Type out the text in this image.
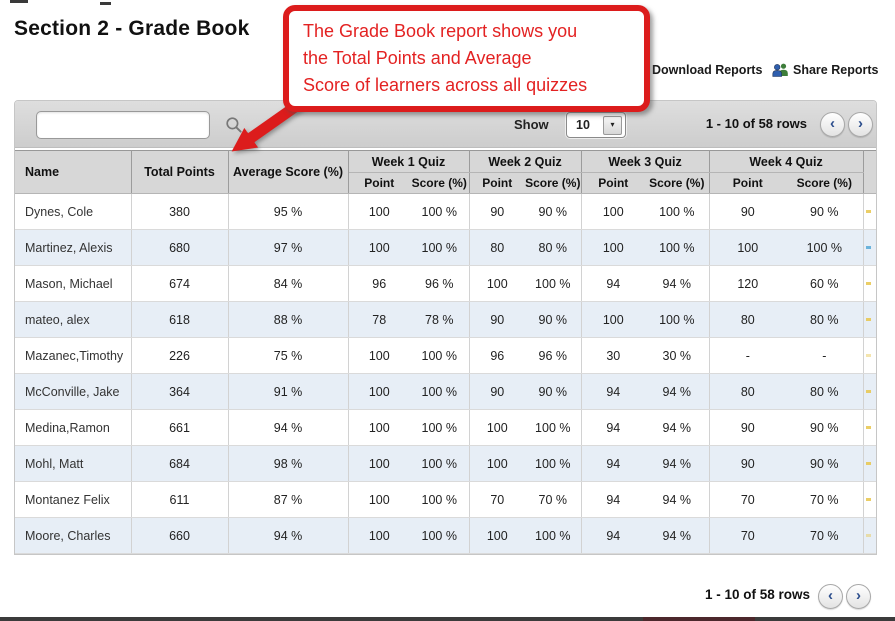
Section 2 - Grade Book
Download Reports Share Reports
Show	10	▾	1 - 10 of 58 rows ‹ ›
Name	Total Points	Average Score (%)	Week 1 Quiz		Week 2 Quiz		Week 3 Quiz		Week 4 Quiz		
			Point	Score (%)	Point	Score (%)	Point	Score (%)	Point	Score (%)	
Dynes, Cole	380	95 %	100	100 %	90	90 %	100	100 %	90	90 %	

Martinez, Alexis	680	97 %	100	100 %	80	80 %	100	100 %	100	100 %	

Mason, Michael	674	84 %	96	96 %	100	100 %	94	94 %	120	60 %	

mateo, alex	618	88 %	78	78 %	90	90 %	100	100 %	80	80 %	

Mazanec,Timothy	226	75 %	100	100 %	96	96 %	30	30 %	-	-	

McConville, Jake	364	91 %	100	100 %	90	90 %	94	94 %	80	80 %	

Medina,Ramon	661	94 %	100	100 %	100	100 %	94	94 %	90	90 %	

Mohl, Matt	684	98 %	100	100 %	100	100 %	94	94 %	90	90 %	

Montanez Felix	611	87 %	100	100 %	70	70 %	94	94 %	70	70 %	

Moore, Charles	660	94 %	100	100 %	100	100 %	94	94 %	70	70 %	
1 - 10 of 58 rows ‹ ›
The Grade Book report shows you
the Total Points and Average
Score of learners across all quizzes
